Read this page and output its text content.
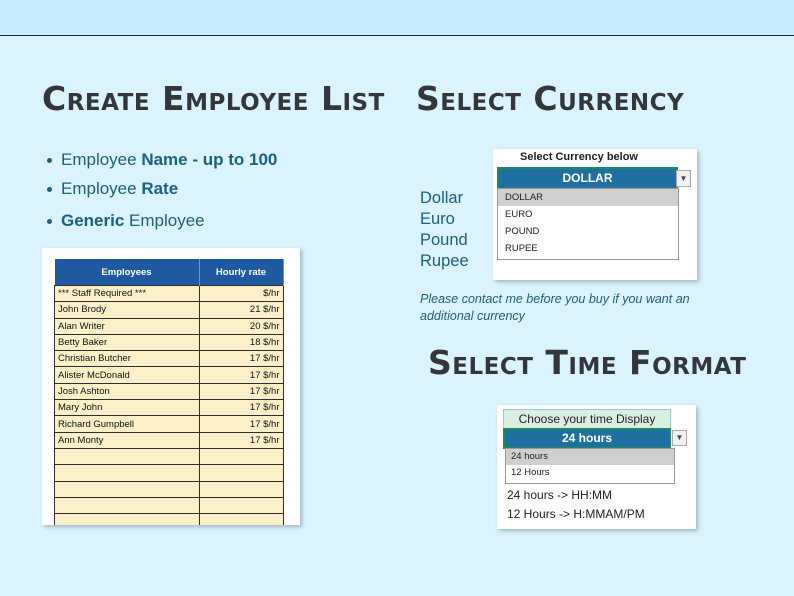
Create Employee List Select Currency
Select Time Format
Employee Name - up to 100
Employee Rate
Generic Employee
Employees	Hourly rate
*** Staff Required ***	$/hr
John Brody	21 $/hr
Alan Writer	20 $/hr
Betty Baker	18 $/hr
Christian Butcher	17 $/hr
Alister McDonald	17 $/hr
Josh Ashton	17 $/hr
Mary John	17 $/hr
Richard Gumpbell	17 $/hr
Ann Monty	17 $/hr

Select Currency below
DOLLAR	▼
DOLLAR
EURO
POUND
RUPEE
Dollar
Euro
Pound
Rupee
Please contact me before you buy if you want an additional currency
Choose your time Display
24 hours	▼
24 hours
12 Hours
24 hours -> HH:MM
12 Hours -> H:MMAM/PM
